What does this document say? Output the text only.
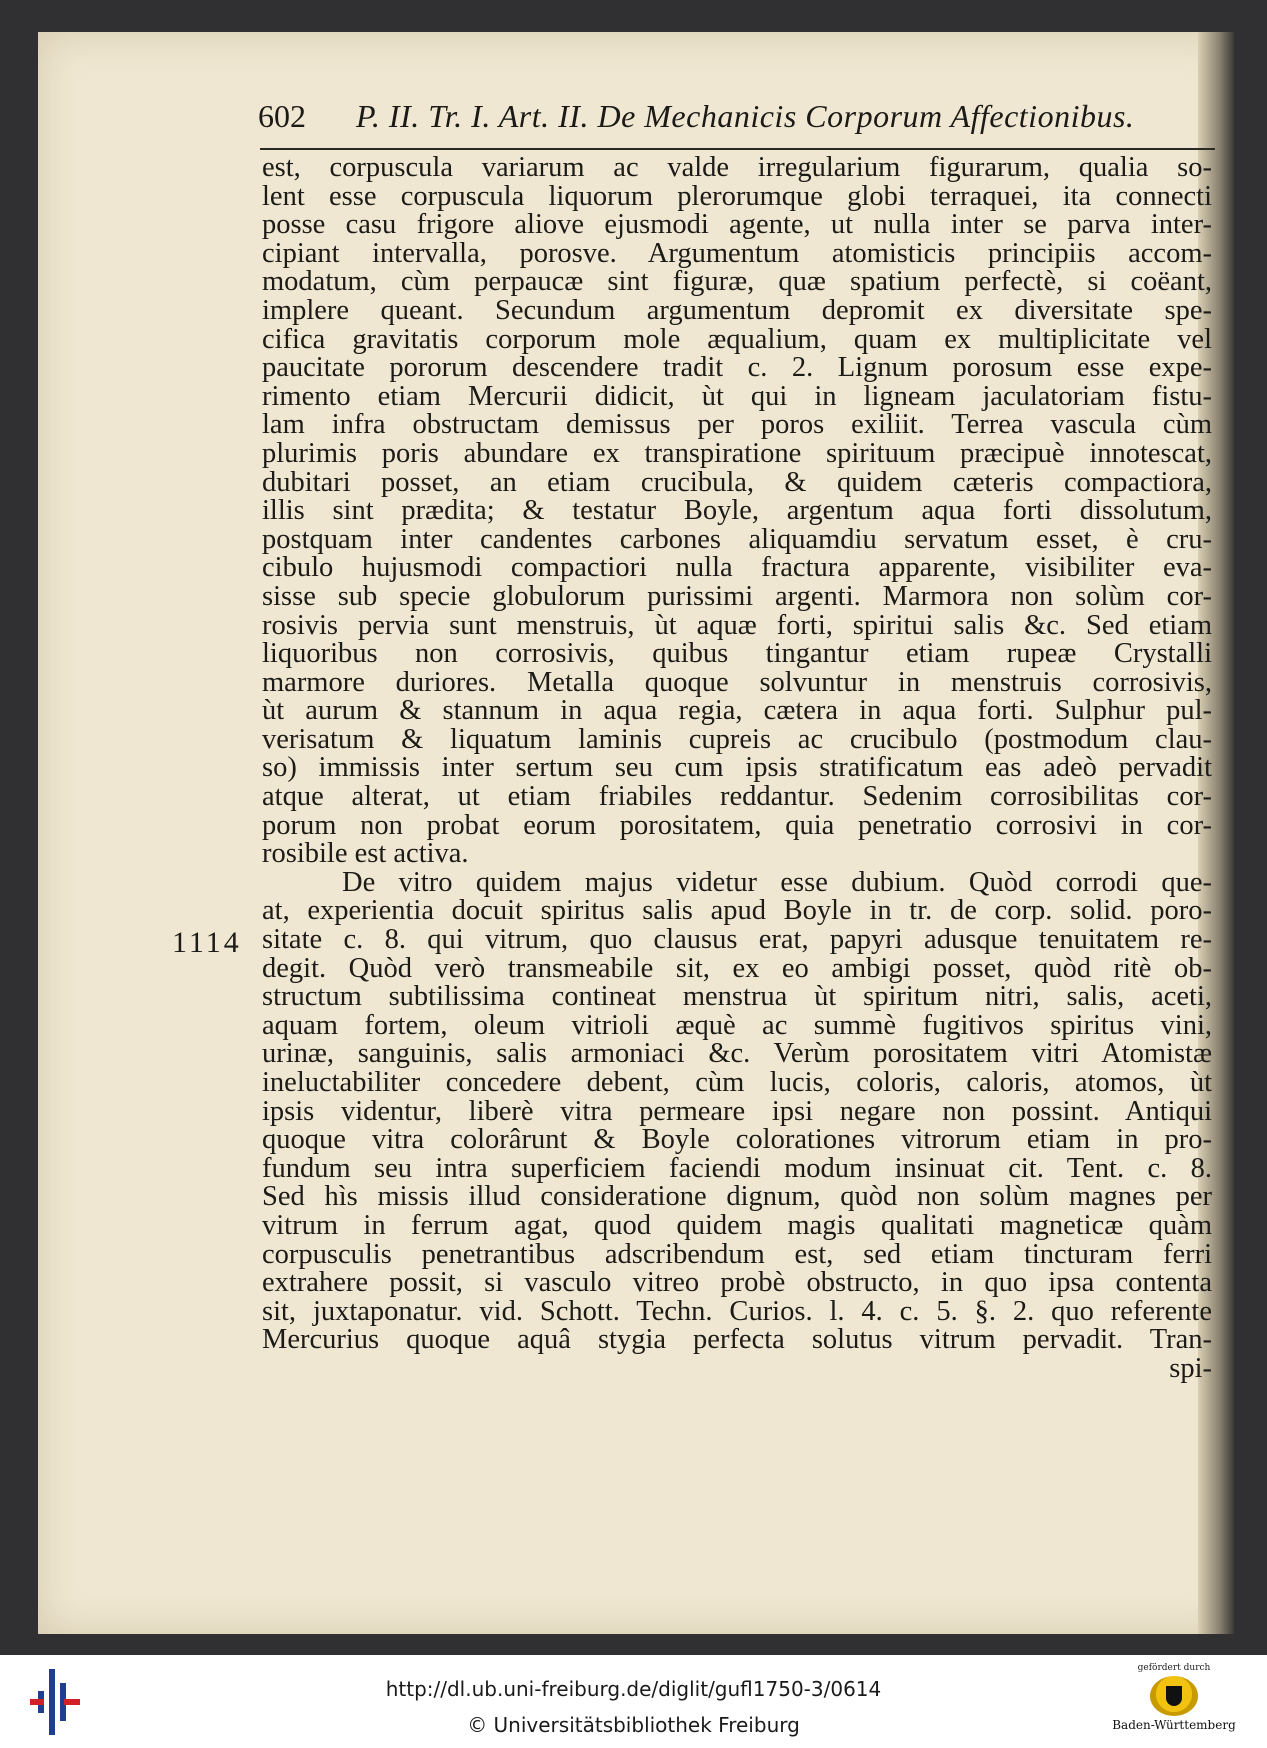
602 P. II. Tr. I. Art. II. De Mechanicis Corporum Affectionibus.
1114
est, corpuscula variarum ac valde irregularium figurarum, qualia so-
lent esse corpuscula liquorum plerorumque globi terraquei, ita connecti
posse casu frigore aliove ejusmodi agente, ut nulla inter se parva inter-
cipiant intervalla, porosve. Argumentum atomisticis principiis accom-
modatum, cùm perpaucæ sint figuræ, quæ spatium perfectè, si coëant,
implere queant. Secundum argumentum depromit ex diversitate spe-
cifica gravitatis corporum mole æqualium, quam ex multiplicitate vel
paucitate pororum descendere tradit c. 2. Lignum porosum esse expe-
rimento etiam Mercurii didicit, ùt qui in ligneam jaculatoriam fistu-
lam infra obstructam demissus per poros exiliit. Terrea vascula cùm
plurimis poris abundare ex transpiratione spirituum præcipuè innotescat,
dubitari posset, an etiam crucibula, & quidem cæteris compactiora,
illis sint prædita; & testatur Boyle, argentum aqua forti dissolutum,
postquam inter candentes carbones aliquamdiu servatum esset, è cru-
cibulo hujusmodi compactiori nulla fractura apparente, visibiliter eva-
sisse sub specie globulorum purissimi argenti. Marmora non solùm cor-
rosivis pervia sunt menstruis, ùt aquæ forti, spiritui salis &c. Sed etiam
liquoribus non corrosivis, quibus tingantur etiam rupeæ Crystalli
marmore duriores. Metalla quoque solvuntur in menstruis corrosivis,
ùt aurum & stannum in aqua regia, cætera in aqua forti. Sulphur pul-
verisatum & liquatum laminis cupreis ac crucibulo (postmodum clau-
so) immissis inter sertum seu cum ipsis stratificatum eas adeò pervadit
atque alterat, ut etiam friabiles reddantur. Sedenim corrosibilitas cor-
porum non probat eorum porositatem, quia penetratio corrosivi in cor-
rosibile est activa.
De vitro quidem majus videtur esse dubium. Quòd corrodi que-
at, experientia docuit spiritus salis apud Boyle in tr. de corp. solid. poro-
sitate c. 8. qui vitrum, quo clausus erat, papyri adusque tenuitatem re-
degit. Quòd verò transmeabile sit, ex eo ambigi posset, quòd ritè ob-
structum subtilissima contineat menstrua ùt spiritum nitri, salis, aceti,
aquam fortem, oleum vitrioli æquè ac summè fugitivos spiritus vini,
urinæ, sanguinis, salis armoniaci &c. Verùm porositatem vitri Atomistæ
ineluctabiliter concedere debent, cùm lucis, coloris, caloris, atomos, ùt
ipsis videntur, liberè vitra permeare ipsi negare non possint. Antiqui
quoque vitra colorârunt & Boyle colorationes vitrorum etiam in pro-
fundum seu intra superficiem faciendi modum insinuat cit. Tent. c. 8.
Sed hìs missis illud consideratione dignum, quòd non solùm magnes per
vitrum in ferrum agat, quod quidem magis qualitati magneticæ quàm
corpusculis penetrantibus adscribendum est, sed etiam tincturam ferri
extrahere possit, si vasculo vitreo probè obstructo, in quo ipsa contenta
sit, juxtaponatur. vid. Schott. Techn. Curios. l. 4. c. 5. §. 2. quo referente
Mercurius quoque aquâ stygia perfecta solutus vitrum pervadit. Tran-
spi-
http://dl.ub.uni-freiburg.de/diglit/gufl1750-3/0614
© Universitätsbibliothek Freiburg
gefördert durch
Baden-Württemberg
